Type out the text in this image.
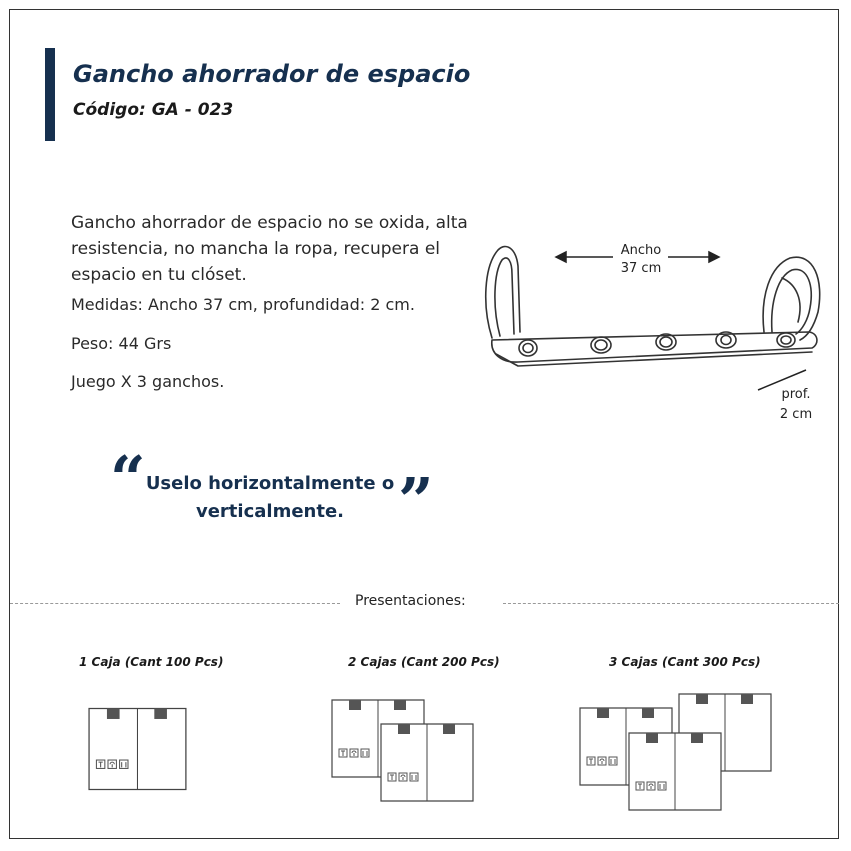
Gancho ahorrador de espacio
Código: GA - 023
Gancho ahorrador de espacio no se oxida, alta resistencia, no mancha la ropa, recupera el espacio en tu clóset.
Medidas: Ancho 37 cm, profundidad: 2 cm.
Peso: 44 Grs
Juego X 3 ganchos.
Ancho
37 cm
prof.
2 cm
“ Uselo horizontalmente o verticalmente. ”
Presentaciones:
1 Caja (Cant 100 Pcs)	2 Cajas (Cant 200 Pcs)	3 Cajas (Cant 300 Pcs)
